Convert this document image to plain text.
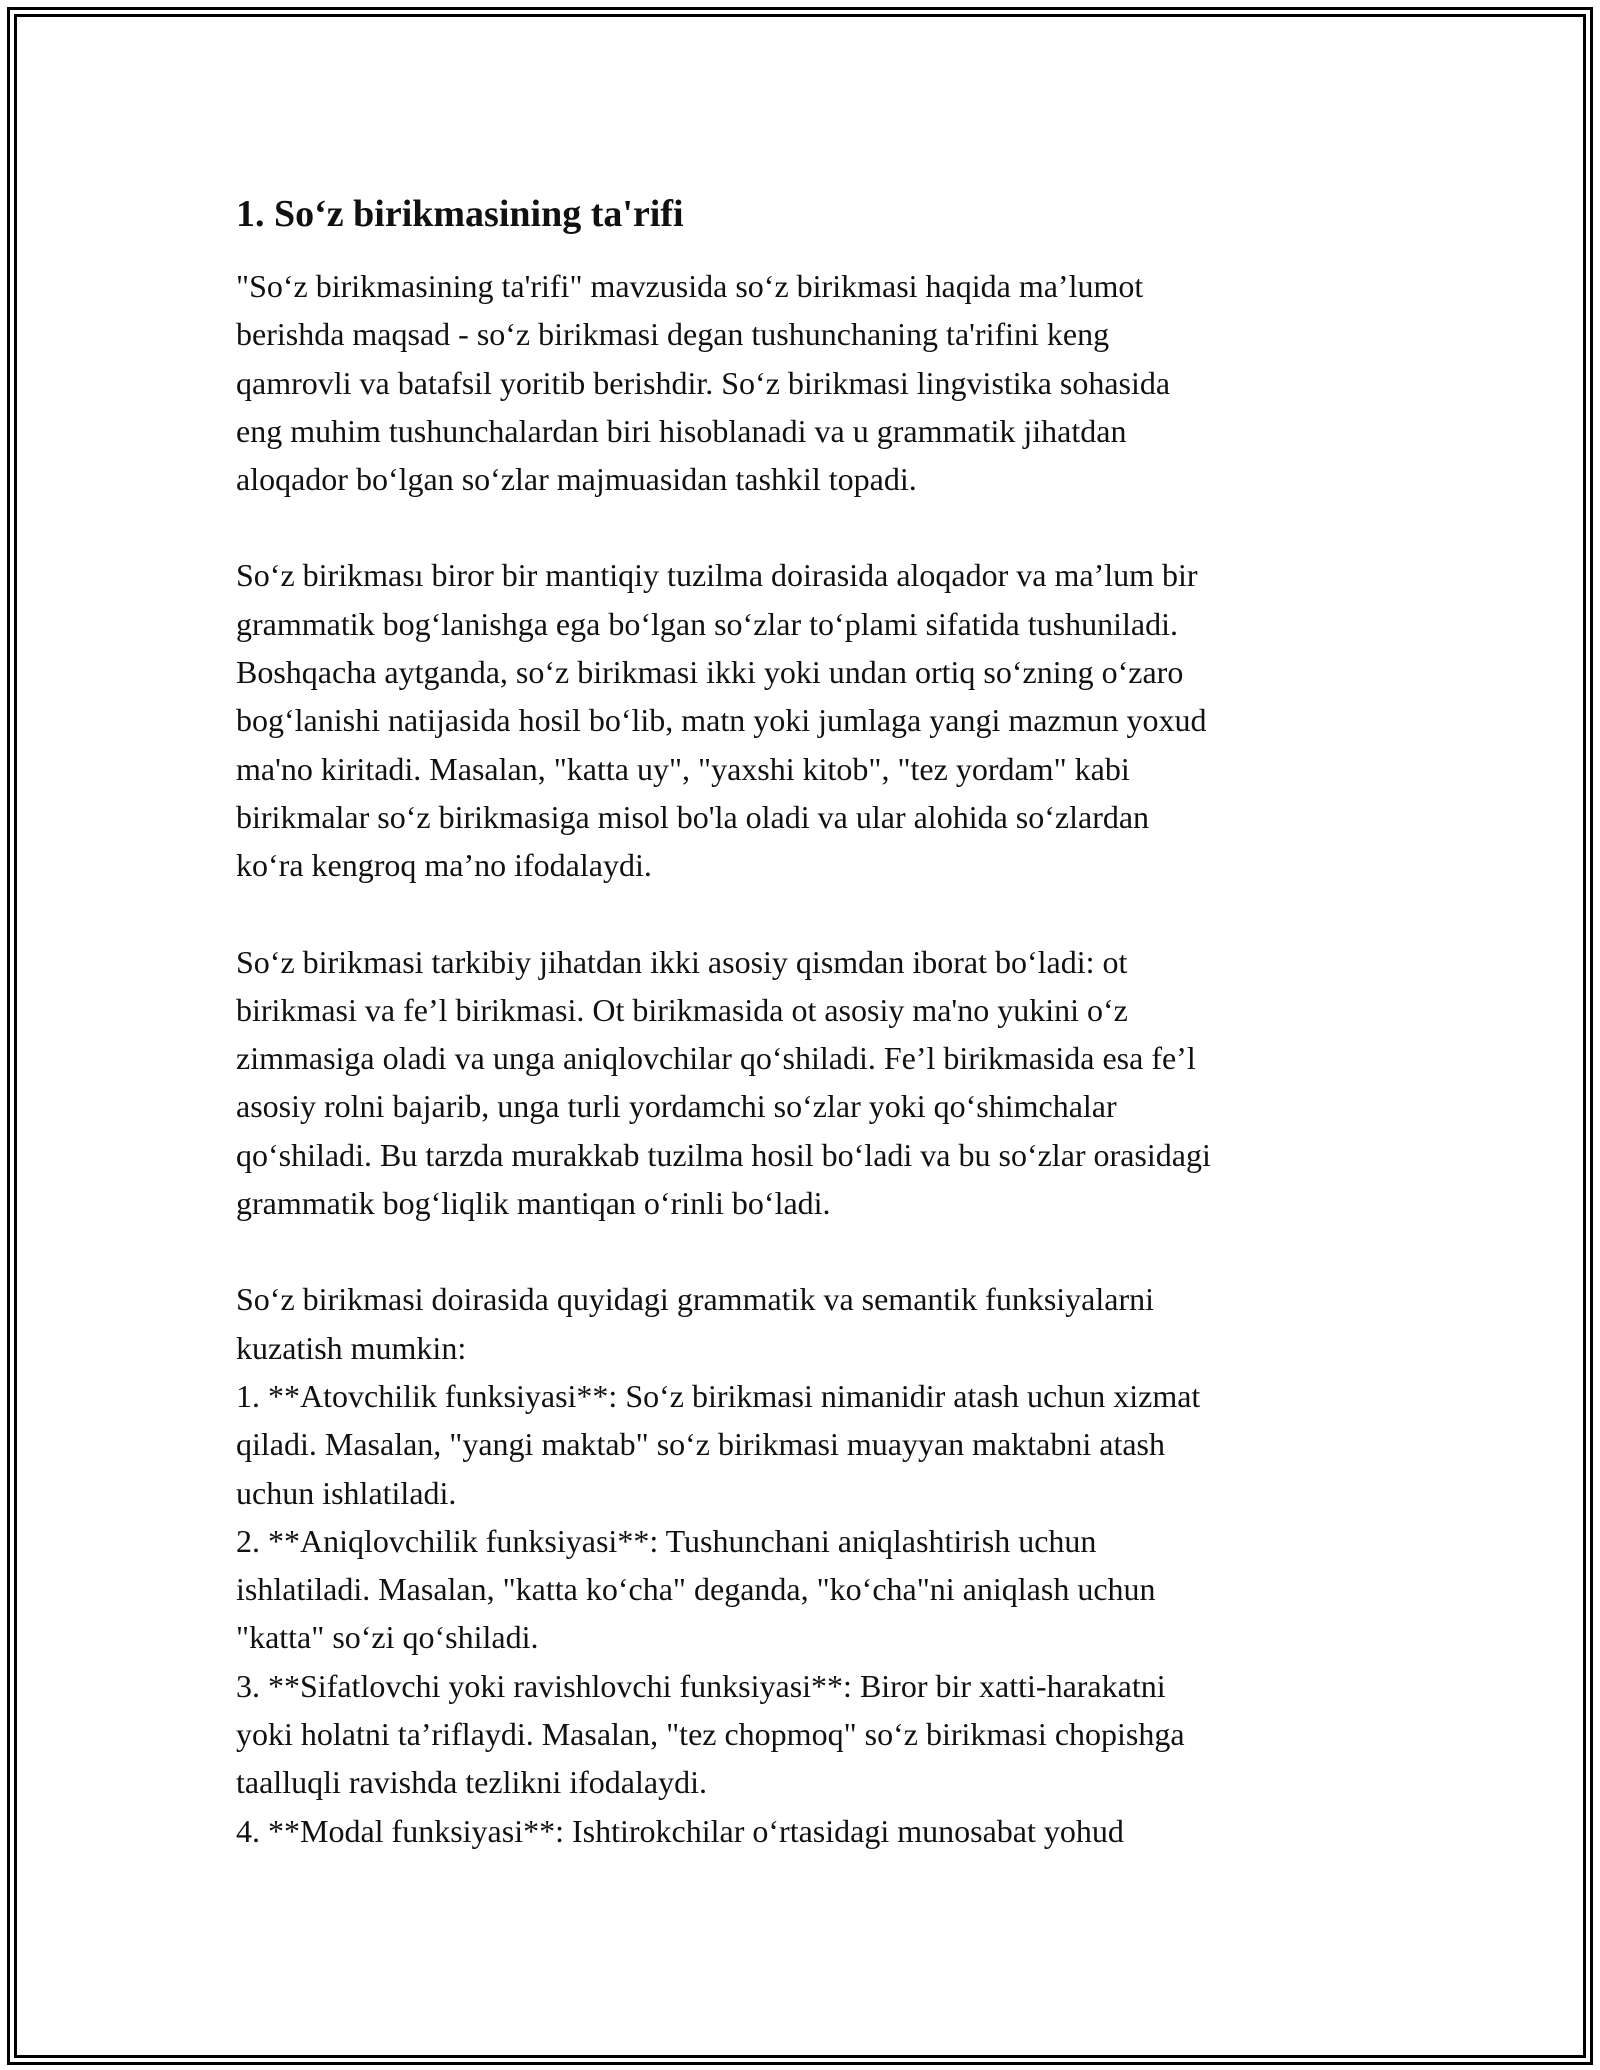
1. So‘z birikmasining ta'rifi

"So‘z birikmasining ta'rifi" mavzusida so‘z birikmasi haqida ma’lumot
berishda maqsad - so‘z birikmasi degan tushunchaning ta'rifini keng
qamrovli va batafsil yoritib berishdir. So‘z birikmasi lingvistika sohasida
eng muhim tushunchalardan biri hisoblanadi va u grammatik jihatdan
aloqador bo‘lgan so‘zlar majmuasidan tashkil topadi.

So‘z birikması biror bir mantiqiy tuzilma doirasida aloqador va ma’lum bir
grammatik bog‘lanishga ega bo‘lgan so‘zlar to‘plami sifatida tushuniladi.
Boshqacha aytganda, so‘z birikmasi ikki yoki undan ortiq so‘zning o‘zaro
bog‘lanishi natijasida hosil bo‘lib, matn yoki jumlaga yangi mazmun yoxud
ma'no kiritadi. Masalan, "katta uy", "yaxshi kitob", "tez yordam" kabi
birikmalar so‘z birikmasiga misol bo'la oladi va ular alohida so‘zlardan
ko‘ra kengroq ma’no ifodalaydi.

So‘z birikmasi tarkibiy jihatdan ikki asosiy qismdan iborat bo‘ladi: ot
birikmasi va fe’l birikmasi. Ot birikmasida ot asosiy ma'no yukini o‘z
zimmasiga oladi va unga aniqlovchilar qo‘shiladi. Fe’l birikmasida esa fe’l
asosiy rolni bajarib, unga turli yordamchi so‘zlar yoki qo‘shimchalar
qo‘shiladi. Bu tarzda murakkab tuzilma hosil bo‘ladi va bu so‘zlar orasidagi
grammatik bog‘liqlik mantiqan o‘rinli bo‘ladi.

So‘z birikmasi doirasida quyidagi grammatik va semantik funksiyalarni
kuzatish mumkin:
1. **Atovchilik funksiyasi**: So‘z birikmasi nimanidir atash uchun xizmat
qiladi. Masalan, "yangi maktab" so‘z birikmasi muayyan maktabni atash
uchun ishlatiladi.
2. **Aniqlovchilik funksiyasi**: Tushunchani aniqlashtirish uchun
ishlatiladi. Masalan, "katta ko‘cha" deganda, "ko‘cha"ni aniqlash uchun
"katta" so‘zi qo‘shiladi.
3. **Sifatlovchi yoki ravishlovchi funksiyasi**: Biror bir xatti-harakatni
yoki holatni ta’riflaydi. Masalan, "tez chopmoq" so‘z birikmasi chopishga
taalluqli ravishda tezlikni ifodalaydi.
4. **Modal funksiyasi**: Ishtirokchilar o‘rtasidagi munosabat yohud
